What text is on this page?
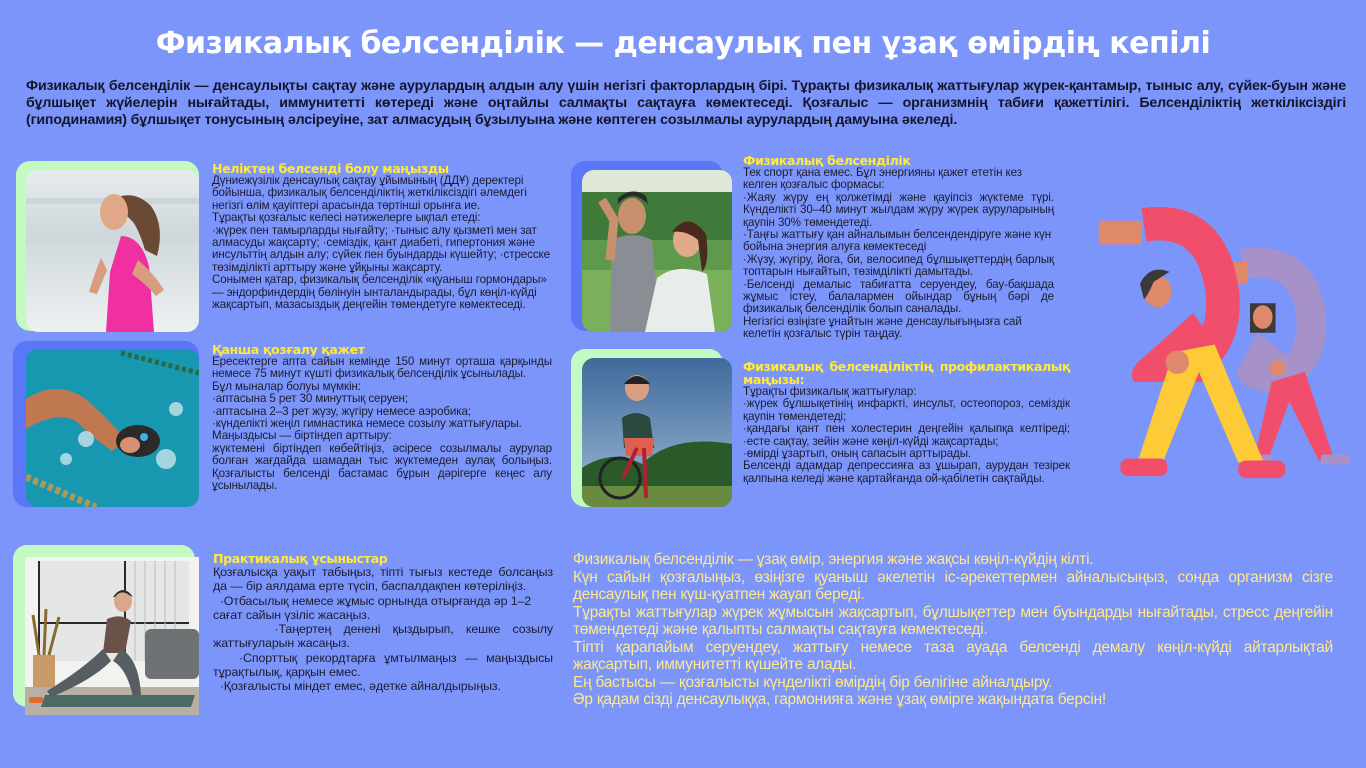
Физикалық белсенділік — денсаулық пен ұзақ өмірдің кепілі

Физикалық белсенділік — денсаулықты сақтау және аурулардың алдын алу үшін негізгі факторлардың бірі. Тұрақты физикалық жаттығулар жүрек-қантамыр, тыныс алу, сүйек-буын және бұлшықет жүйелерін нығайтады, иммунитетті көтереді және оңтайлы салмақты сақтауға көмектеседі. Қозғалыс — организмнің табиғи қажеттілігі. Белсенділіктің жеткіліксіздігі (гиподинамия) бұлшықет тонусының әлсіреуіне, зат алмасудың бұзылуына және көптеген созылмалы аурулардың дамуына әкеледі.

Неліктен белсенді болу маңызды

Дүниежүзілік денсаулық сақтау ұйымының (ДДҰ) деректері бойынша, физикалық белсенділіктің жеткіліксіздігі әлемдегі негізгі өлім қауіптері арасында төртінші орынға ие.

Тұрақты қозғалыс келесі нәтижелерге ықпал етеді:

·жүрек пен тамырларды нығайту; ·тыныс алу қызметі мен зат алмасуды жақсарту; ·семіздік, қант диабеті, гипертония және инсульттің алдын алу; сүйек пен буындарды күшейту; ·стресске төзімділікті арттыру және ұйқыны жақсарту.

Сонымен қатар, физикалық белсенділік «қуаныш гормондары» — эндорфиндердің бөлінуін ынталандырады, бұл көңіл-күйді жақсартып, мазасыздық деңгейін төмендетуге көмектеседі.

Қанша қозғалу қажет

Ересектерге апта сайын кемінде 150 минут орташа қарқынды немесе 75 минут күшті физикалық белсенділік ұсынылады.

Бұл мыналар болуы мүмкін:

·аптасына 5 рет 30 минуттық серуен;

·аптасына 2–3 рет жүзу, жүгіру немесе аэробика;

·күнделікті жеңіл гимнастика немесе созылу жаттығулары.

Маңыздысы — біртіндеп арттыру:

жүктемені біртіндеп көбейтіңіз, әсіресе созылмалы аурулар болған жағдайда шамадан тыс жүктемеден аулақ болыңыз. Қозғалысты белсенді бастамас бұрын дәрігерге кеңес алу ұсынылады.

Физикалық белсенділік

Тек спорт қана емес. Бұл энергияны қажет ететін кез келген қозғалыс формасы:

·Жаяу жүру ең қолжетімді және қауіпсіз жүктеме түрі. Күнделікті 30–40 минут жылдам жүру жүрек ауруларының қаупін 30% төмендетеді.

·Таңғы жаттығу қан айналымын белсендендіруге және күн бойына энергия алуға көмектеседі

·Жүзу, жүгіру, йога, би, велосипед бұлшықеттердің барлық топтарын нығайтып, төзімділікті дамытады.

·Белсенді демалыс табиғатта серуендеу, бау-бақшада жұмыс істеу, балалармен ойындар бұның бәрі де физикалық белсенділік болып саналады.

Негізгісі өзіңізге ұнайтын және денсаулығыңызға сай келетін қозғалыс түрін таңдау.

Физикалық белсенділіктің профилактикалық маңызы:

Тұрақты физикалық жаттығулар:

·жүрек бұлшықетінің инфаркті, инсульт, остеопороз, семіздік қаупін төмендетеді;

·қандағы қант пен холестерин деңгейін қалыпқа келтіреді; ·есте сақтау, зейін және көңіл-күйді жақсартады;

·өмірді ұзартып, оның сапасын арттырады.

Белсенді адамдар депрессияға аз ұшырап, аурудан тезірек қалпына келеді және қартайғанда ой-қабілетін сақтайды.

Практикалық ұсыныстар

Қозғалысқа уақыт табыңыз, тіпті тығыз кестеде болсаңыз да — бір аялдама ерте түсіп, баспалдақпен көтеріліңіз.

·Отбасылық немесе жұмыс орнында отырғанда әр 1–2 сағат сайын үзіліс жасаңыз.

·Таңертең денені қыздырып, кешке созылу жаттығуларын жасаңыз.

·Спорттық рекордтарға ұмтылмаңыз — маңыздысы тұрақтылық, қарқын емес.

·Қозғалысты міндет емес, әдетке айналдырыңыз.

Физикалық белсенділік — ұзақ өмір, энергия және жақсы көңіл-күйдің кілті.

Күн сайын қозғалыңыз, өзіңізге қуаныш әкелетін іс-әрекеттермен айналысыңыз, сонда организм сізге денсаулық пен күш-қуатпен жауап береді.

Тұрақты жаттығулар жүрек жұмысын жақсартып, бұлшықеттер мен буындарды нығайтады, стресс деңгейін төмендетеді және қалыпты салмақты сақтауға көмектеседі.

Тіпті қарапайым серуендеу, жаттығу немесе таза ауада белсенді демалу көңіл-күйді айтарлықтай жақсартып, иммунитетті күшейте алады.

Ең бастысы — қозғалысты күнделікті өмірдің бір бөлігіне айналдыру.

Әр қадам сізді денсаулыққа, гармонияға және ұзақ өмірге жақындата берсін!
